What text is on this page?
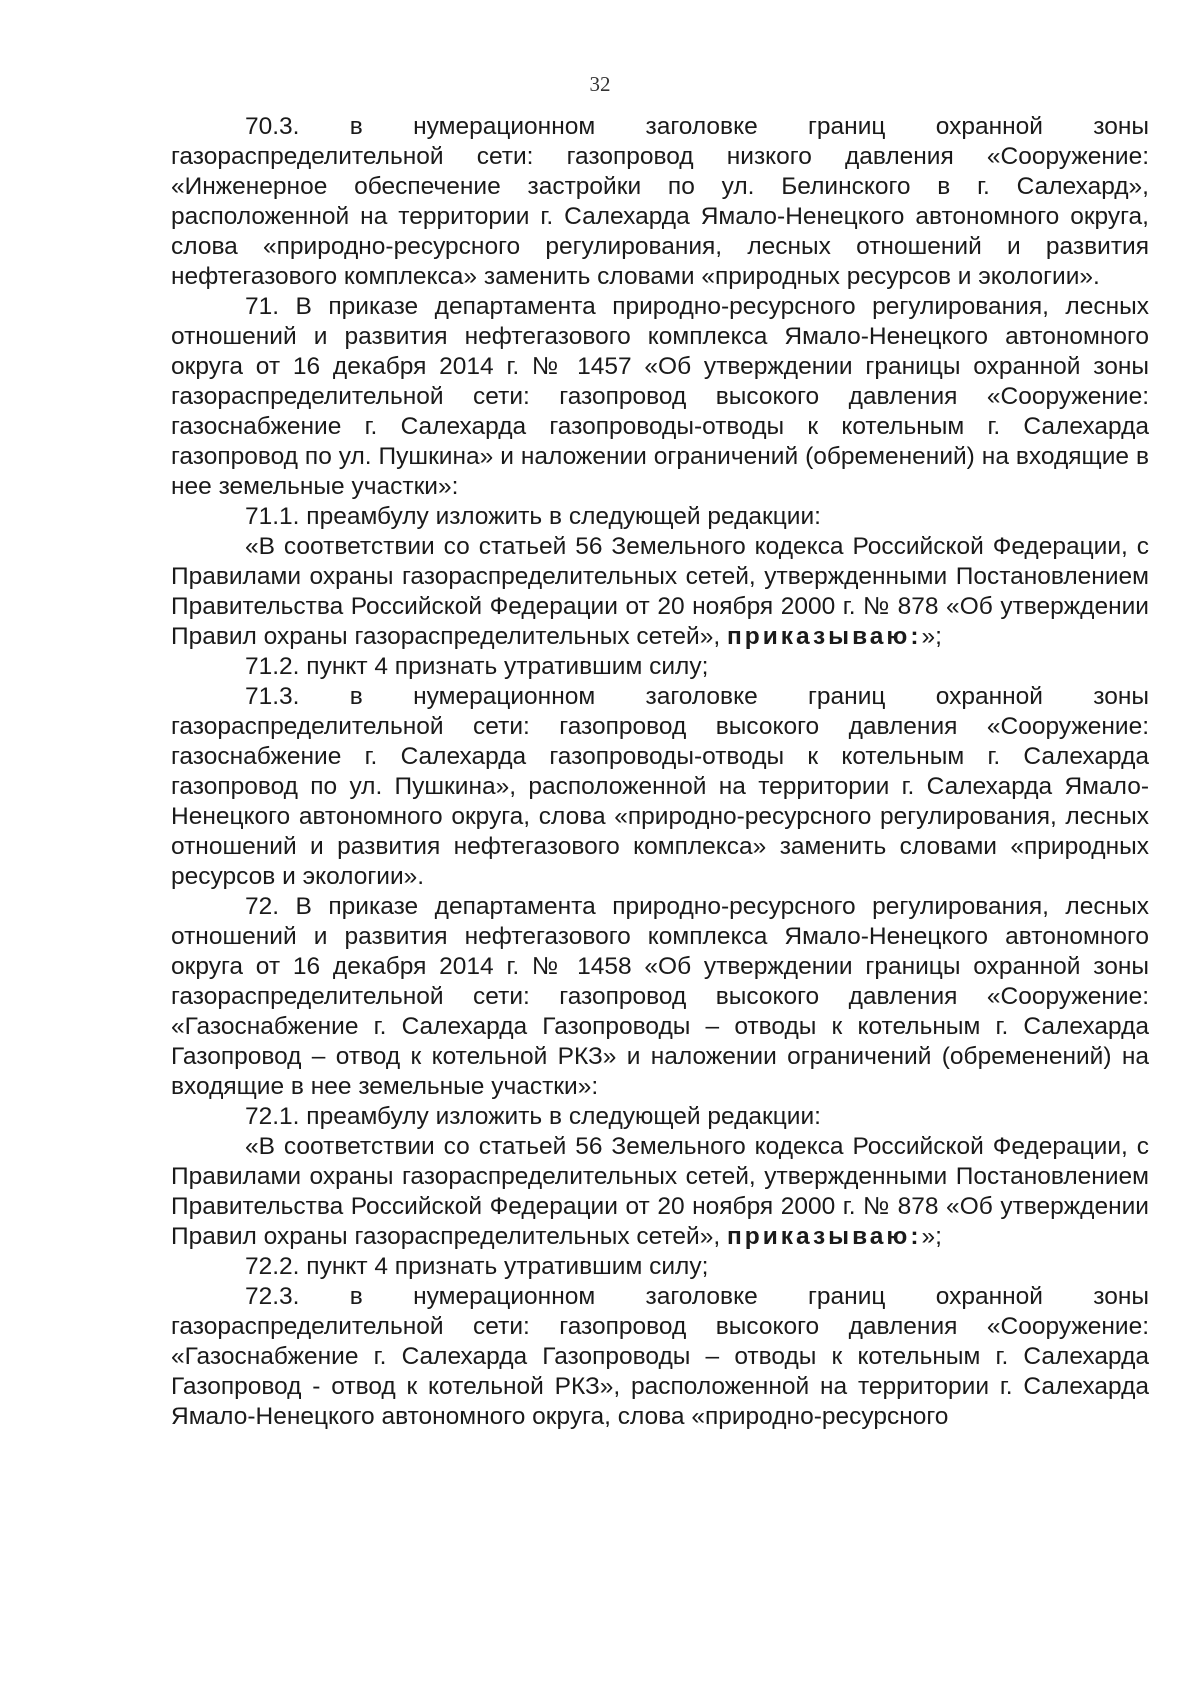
32

70.3. в нумерационном заголовке границ охранной зоны газораспределительной сети: газопровод низкого давления «Сооружение: «Инженерное обеспечение застройки по ул. Белинского в г. Салехард», расположенной на территории г. Салехарда Ямало-Ненецкого автономного округа, слова «природно-ресурсного регулирования, лесных отношений и развития нефтегазового комплекса» заменить словами «природных ресурсов и экологии».

71. В приказе департамента природно-ресурсного регулирования, лесных отношений и развития нефтегазового комплекса Ямало-Ненецкого автономного округа от 16 декабря 2014 г. № 1457 «Об утверждении границы охранной зоны газораспределительной сети: газопровод высокого давления «Сооружение: газоснабжение г. Салехарда газопроводы-отводы к котельным г. Салехарда газопровод по ул. Пушкина» и наложении ограничений (обременений) на входящие в нее земельные участки»:

71.1. преамбулу изложить в следующей редакции:

«В соответствии со статьей 56 Земельного кодекса Российской Федерации, с Правилами охраны газораспределительных сетей, утвержденными Постановлением Правительства Российской Федерации от 20 ноября 2000 г. № 878 «Об утверждении Правил охраны газораспределительных сетей», приказываю:»;

71.2. пункт 4 признать утратившим силу;

71.3. в нумерационном заголовке границ охранной зоны газораспределительной сети: газопровод высокого давления «Сооружение: газоснабжение г. Салехарда газопроводы-отводы к котельным г. Салехарда газопровод по ул. Пушкина», расположенной на территории г. Салехарда Ямало-Ненецкого автономного округа, слова «природно-ресурсного регулирования, лесных отношений и развития нефтегазового комплекса» заменить словами «природных ресурсов и экологии».

72. В приказе департамента природно-ресурсного регулирования, лесных отношений и развития нефтегазового комплекса Ямало-Ненецкого автономного округа от 16 декабря 2014 г. № 1458 «Об утверждении границы охранной зоны газораспределительной сети: газопровод высокого давления «Сооружение: «Газоснабжение г. Салехарда Газопроводы – отводы к котельным г. Салехарда Газопровод – отвод к котельной РКЗ» и наложении ограничений (обременений) на входящие в нее земельные участки»:

72.1. преамбулу изложить в следующей редакции:

«В соответствии со статьей 56 Земельного кодекса Российской Федерации, с Правилами охраны газораспределительных сетей, утвержденными Постановлением Правительства Российской Федерации от 20 ноября 2000 г. № 878 «Об утверждении Правил охраны газораспределительных сетей», приказываю:»;

72.2. пункт 4 признать утратившим силу;

72.3. в нумерационном заголовке границ охранной зоны газораспределительной сети: газопровод высокого давления «Сооружение: «Газоснабжение г. Салехарда Газопроводы – отводы к котельным г. Салехарда Газопровод - отвод к котельной РКЗ», расположенной на территории г. Салехарда Ямало-Ненецкого автономного округа, слова «природно-ресурсного
